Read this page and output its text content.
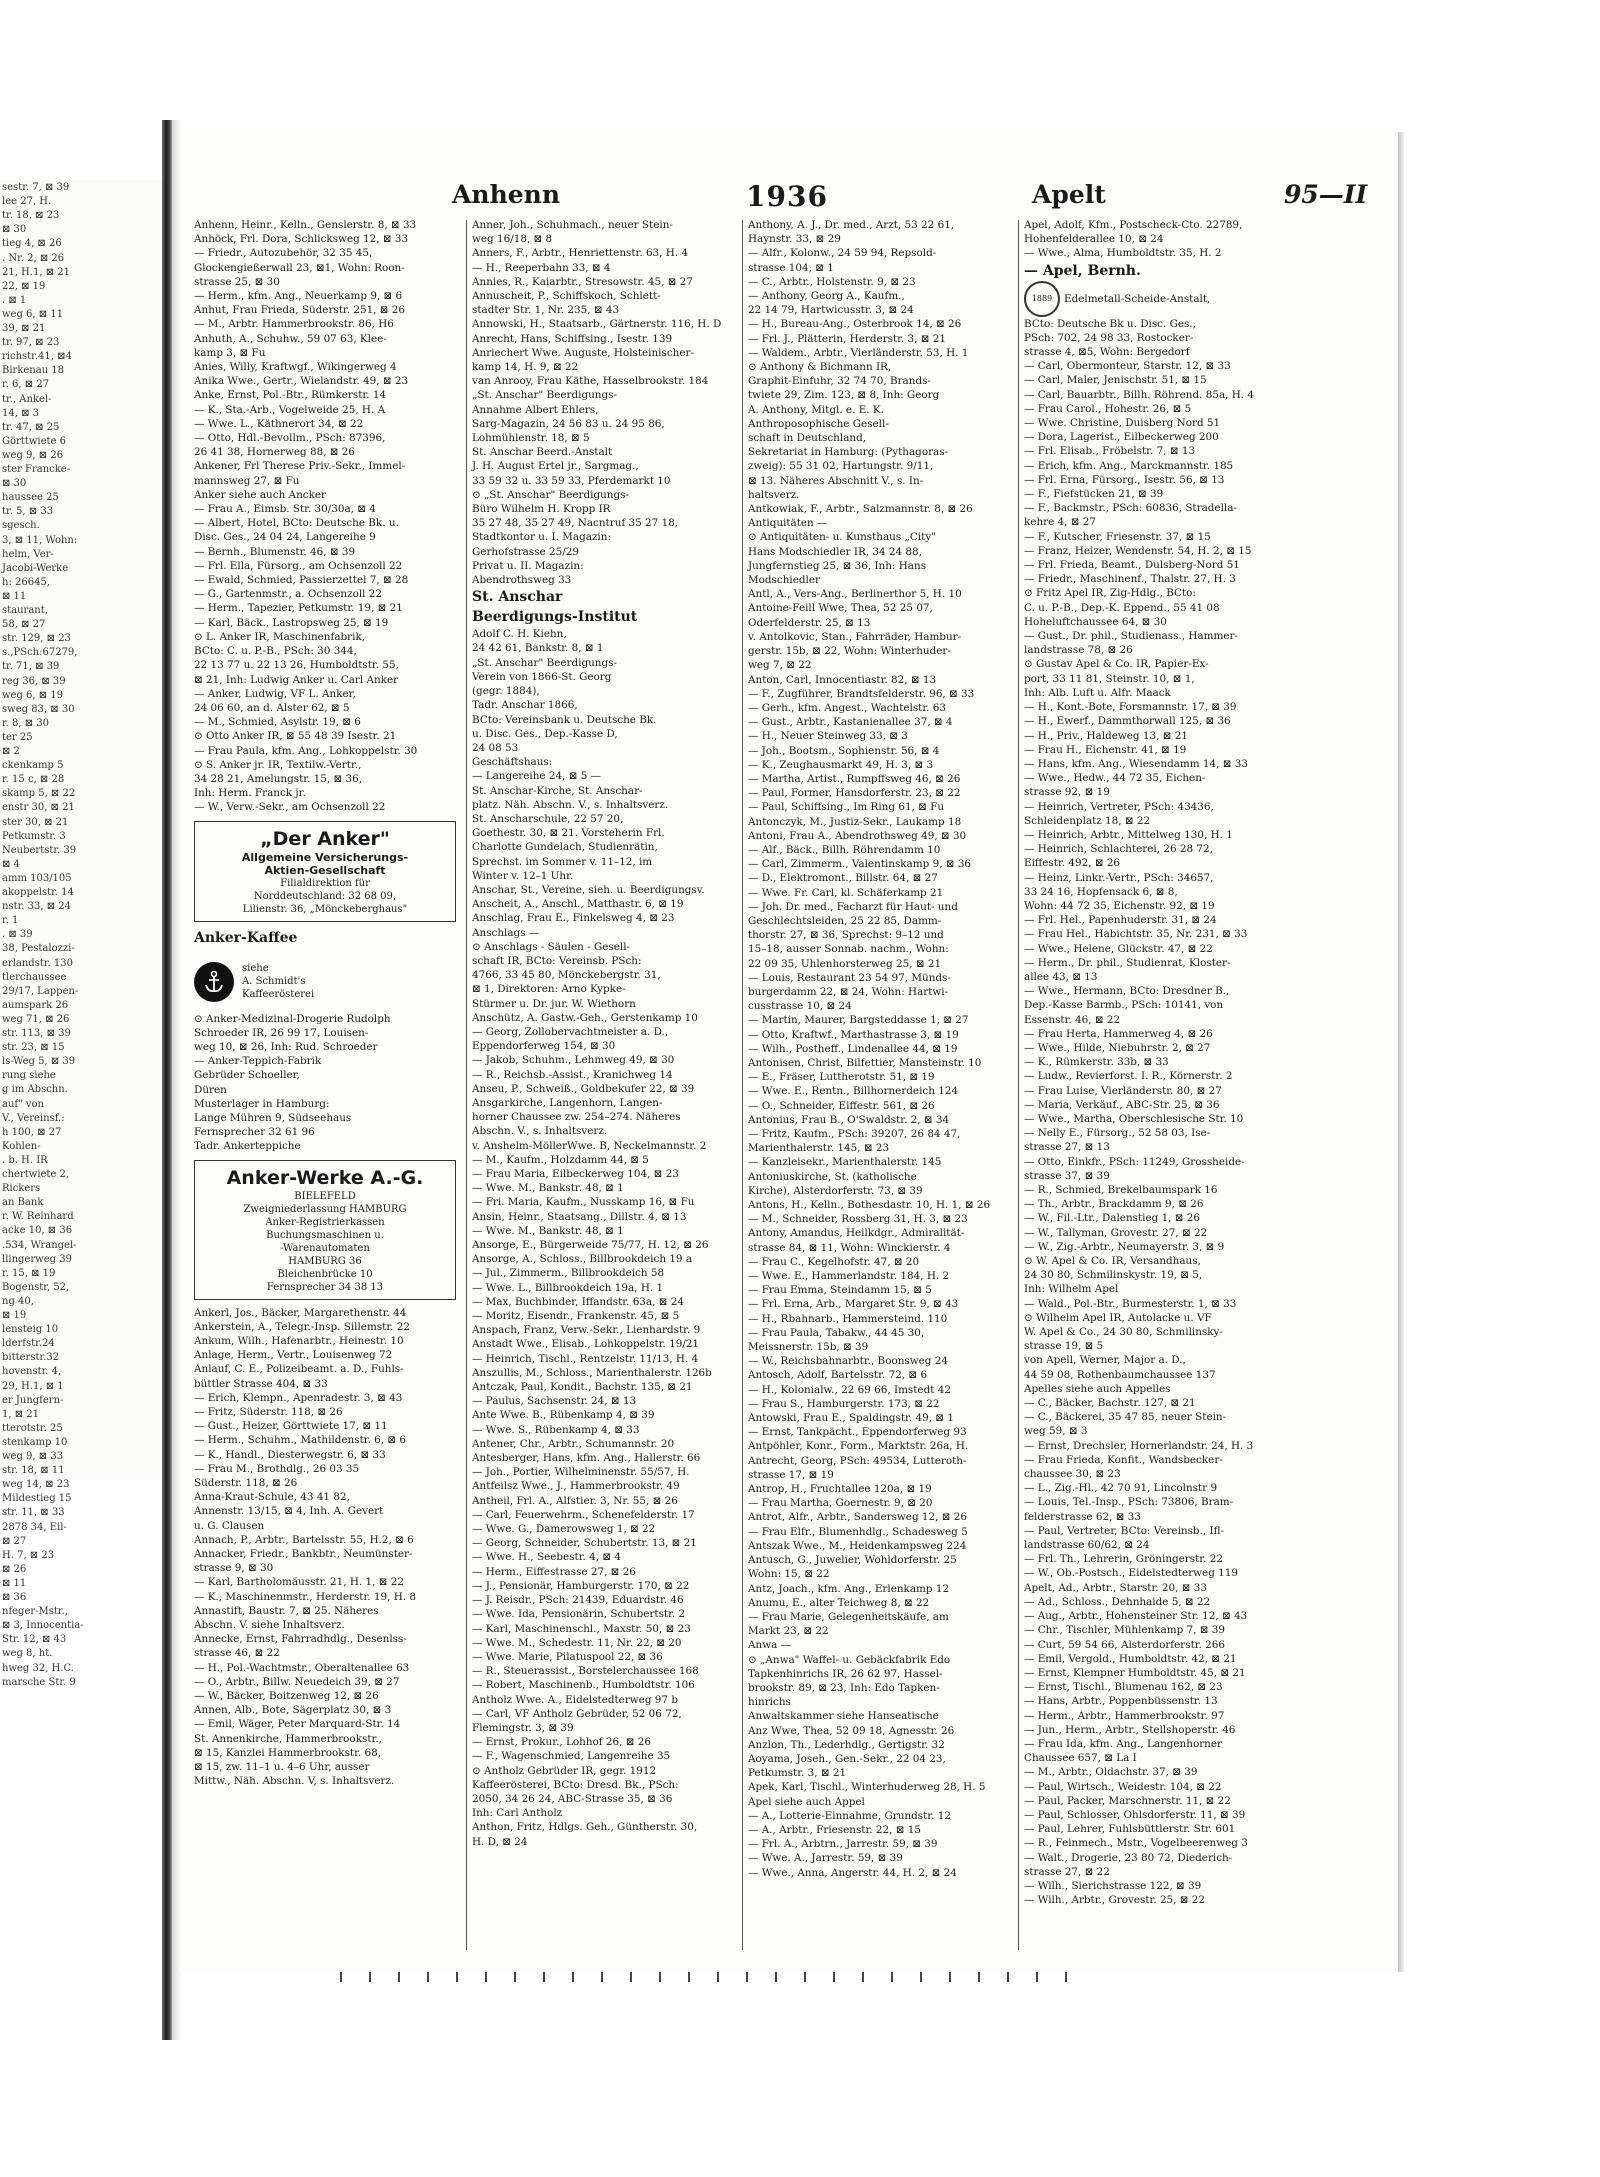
sestr. 7, ⊠ 39
lee 27, H.
tr. 18, ⊠ 23
⊠ 30
tieg 4, ⊠ 26
. Nr. 2, ⊠ 26
21, H.1, ⊠ 21
22, ⊠ 19
. ⊠ 1
weg 6, ⊠ 11
39, ⊠ 21
tr. 97, ⊠ 23
richstr.41, ⊠4
Birkenau 18
r. 6, ⊠ 27
tr., Ankel-
14, ⊠ 3
tr. 47, ⊠ 25
Görttwiete 6
weg 9, ⊠ 26
ster Francke-
⊠ 30
haussee 25
tr. 5, ⊠ 33
sgesch.
3, ⊠ 11, Wohn:
helm, Ver-
Jacobi-Werke
h: 26645,
⊠ 11
staurant,
58, ⊠ 27
str. 129, ⊠ 23
s.,PSch:67279,
tr. 71, ⊠ 39
reg 36, ⊠ 39
weg 6, ⊠ 19
sweg 83, ⊠ 30
r. 8, ⊠ 30
ter 25
⊠ 2
ckenkamp 5
r. 15 c, ⊠ 28
skamp 5, ⊠ 22
enstr 30, ⊠ 21
ster 30, ⊠ 21
Petkumstr. 3
Neubertstr. 39
⊠ 4
amm 103/105
akoppelstr. 14
nstr. 33, ⊠ 24
r. 1
. ⊠ 39
38, Pestalozzi-
erlandstr. 130
tlerchaussee
29/17, Lappen-
aumspark 26
weg 71, ⊠ 26
str. 113, ⊠ 39
str. 23, ⊠ 15
ls-Weg 5, ⊠ 39
rung siehe
g im Abschn.
auf" von
V., Vereinsf.:
h 100, ⊠ 27
Kohlen-
. b. H. IR
chertwiete 2,
Rickers
an Bank
r. W. Reinhard
acke 10, ⊠ 36
.534, Wrangel-
llingerweg 39
r. 15, ⊠ 19
Bogenstr, 52,
ng 40,
⊠ 19
lensteig 10
lderfstr.24
bitterstr.32
hovenstr. 4,
29, H.1, ⊠ 1
er Jungfern-
1, ⊠ 21
tterotstr. 25
stenkamp 10
weg 9, ⊠ 33
str. 18, ⊠ 11
weg 14, ⊠ 23
Mildestieg 15
str. 11, ⊠ 33
2878 34, Eil-
⊠ 27
H. 7, ⊠ 23
⊠ 26
⊠ 11
⊠ 36
nfeger-Mstr.,
⊠ 3, Innocentia-
Str. 12, ⊠ 43
weg 8, ht.
hweg 32, H.C.
marsche Str. 9
Anhenn	1936	Apelt	95—II
Anhenn, Heinr., Kelln., Genslerstr. 8, ⊠ 33
Anhöck, Frl. Dora, Schlicksweg 12, ⊠ 33
— Friedr., Autozubehör, 32 35 45,
Glockengießerwall 23, ⊠1, Wohn: Roon-
strasse 25, ⊠ 30
— Herm., kfm. Ang., Neuerkamp 9, ⊠ 6
Anhut, Frau Frieda, Süderstr. 251, ⊠ 26
— M., Arbtr. Hammerbrookstr. 86, H6
Anhuth, A., Schuhw., 59 07 63, Klee-
kamp 3, ⊠ Fu
Anies, Willy, Kraftwgf., Wikingerweg 4
Anika Wwe., Gertr., Wielandstr. 49, ⊠ 23
Anke, Ernst, Pol.-Btr., Rümkerstr. 14
— K., Sta.-Arb., Vogelweide 25, H. A
— Wwe. L., Käthnerort 34, ⊠ 22
— Otto, Hdl.-Bevollm., PSch: 87396,
26 41 38, Hornerweg 88, ⊠ 26
Ankener, Frl Therese Priv.-Sekr., Immel-
mannsweg 27, ⊠ Fu
Anker siehe auch Ancker
— Frau A., Eimsb. Str. 30/30a, ⊠ 4
— Albert, Hotel, BCto: Deutsche Bk. u.
Disc. Ges., 24 04 24, Langereihe 9
— Bernh., Blumenstr. 46, ⊠ 39
— Frl. Ella, Fürsorg., am Ochsenzoll 22
— Ewald, Schmied, Passierzettel 7, ⊠ 28
— G., Gartenmstr., a. Ochsenzoll 22
— Herm., Tapezier, Petkumstr. 19, ⊠ 21
— Karl, Bäck., Lastropsweg 25, ⊠ 19
⊙ L. Anker IR, Maschinenfabrik,
BCto: C. u. P.-B., PSch: 30 344,
22 13 77 u. 22 13 26, Humboldtstr. 55,
⊠ 21, Inh: Ludwig Anker u. Carl Anker
— Anker, Ludwig, VF L. Anker,
24 06 60, an d. Alster 62, ⊠ 5
— M., Schmied, Asylstr. 19, ⊠ 6
⊙ Otto Anker IR, ⊠ 55 48 39 Isestr. 21
— Frau Paula, kfm. Ang., Lohkoppelstr. 30
⊙ S. Anker jr. IR, Textilw.-Vertr.,
34 28 21, Amelungstr. 15, ⊠ 36,
Inh: Herm. Franck jr.
— W., Verw.-Sekr., am Ochsenzoll 22
„Der Anker"
Allgemeine Versicherungs-
Aktien-Gesellschaft
Filialdirektion für
Norddeutschland: 32 68 09,
Lilienstr. 36, „Mönckeberghaus"
Anker-Kaffee
siehe
A. Schmidt's
Kaffeerösterei
⊙ Anker-Medizinal-Drogerie Rudolph
Schroeder IR, 26 99 17, Louisen-
weg 10, ⊠ 26, Inh: Rud. Schroeder
— Anker-Teppich-Fabrik
Gebrüder Schoeller,
Düren
Musterlager in Hamburg:
Lange Mühren 9, Südseehaus
Fernsprecher 32 61 96
Tadr. Ankerteppiche
Anker-Werke A.-G.
BIELEFELD
Zweigniederlassung HAMBURG
Anker-Registrierkassen
Buchungsmaschinen u.
-Warenautomaten
HAMBURG 36
Bleichenbrücke 10
Fernsprecher 34 38 13
Ankerl, Jos., Bäcker, Margarethenstr. 44
Ankerstein, A., Telegr.-Insp. Sillemstr. 22
Ankum, Wilh., Hafenarbtr., Heinestr. 10
Anlage, Herm., Vertr., Louisenweg 72
Anlauf, C. E., Polizeibeamt. a. D., Fuhls-
büttler Strasse 404, ⊠ 33
— Erich, Klempn., Apenradestr. 3, ⊠ 43
— Fritz, Süderstr. 118, ⊠ 26
— Gust., Heizer, Görttwiete 17, ⊠ 11
— Herm., Schuhm., Mathildenstr. 6, ⊠ 6
— K., Handl., Diesterwegstr. 6, ⊠ 33
— Frau M., Brothdlg., 26 03 35
Süderstr. 118, ⊠ 26
Anna-Kraut-Schule, 43 41 82,
Annenstr. 13/15, ⊠ 4, Inh. A. Gevert
u. G. Clausen
Annach, P., Arbtr., Bartelsstr. 55, H.2, ⊠ 6
Annacker, Friedr., Bankbtr., Neumünster-
strasse 9, ⊠ 30
— Karl, Bartholomäusstr. 21, H. 1, ⊠ 22
— K., Maschinenmstr., Herderstr. 19, H. 8
Annastift, Baustr. 7, ⊠ 25. Näheres
Abschn. V. siehe Inhaltsverz.
Annecke, Ernst, Fahrradhdlg., Desenlss-
strasse 46, ⊠ 22
— H., Pol.-Wachtmstr., Oberaltenallee 63
— O., Arbtr., Billw. Neuedeich 39, ⊠ 27
— W., Bäcker, Boitzenweg 12, ⊠ 26
Annen, Alb., Bote, Sägerplatz 30, ⊠ 3
— Emil, Wäger, Peter Marquard-Str. 14
St. Annenkirche, Hammerbrookstr.,
⊠ 15, Kanzlei Hammerbrookstr. 68,
⊠ 15, zw. 11–1 u. 4–6 Uhr, ausser
Mittw., Näh. Abschn. V, s. Inhaltsverz.
Anner, Joh., Schuhmach., neuer Stein-
weg 16/18, ⊠ 8
Anners, F., Arbtr., Henriettenstr. 63, H. 4
— H., Reeperbahn 33, ⊠ 4
Annies, R., Kaiarbtr., Stresowstr. 45, ⊠ 27
Annuscheit, P., Schiffskoch, Schlett-
stadter Str. 1, Nr. 235, ⊠ 43
Annowski, H., Staatsarb., Gärtnerstr. 116, H. D
Anrecht, Hans, Schiffsing., Isestr. 139
Anriechert Wwe. Auguste, Holsteinischer-
kamp 14, H. 9, ⊠ 22
van Anrooy, Frau Käthe, Hasselbrookstr. 184
„St. Anschar" Beerdigungs-
Annahme Albert Ehlers,
Sarg-Magazin, 24 56 83 u. 24 95 86,
Lohmühlenstr. 18, ⊠ 5
St. Anschar Beerd.-Anstalt
J. H. August Ertel jr., Sargmag.,
33 59 32 u. 33 59 33, Pferdemarkt 10
⊙ „St. Anschar" Beerdigungs-
Büro Wilhelm H. Kropp IR
35 27 48, 35 27 49, Nacntruf 35 27 18,
Stadtkontor u. I. Magazin:
Gerhofstrasse 25/29
Privat u. II. Magazin:
Abendrothsweg 33
St. Anschar
Beerdigungs-Institut
Adolf C. H. Kiehn,
24 42 61, Bankstr. 8, ⊠ 1
„St. Anschar" Beerdigungs-
Verein von 1866-St. Georg
(gegr. 1884),
Tadr. Anschar 1866,
BCto: Vereinsbank u. Deutsche Bk.
u. Disc. Ges., Dep.-Kasse D,
24 08 53
Geschäftshaus:
— Langereihe 24, ⊠ 5 —
St. Anschar-Kirche, St. Anschar-
platz. Näh. Abschn. V., s. Inhaltsverz.
St. Anscharschule, 22 57 20,
Goethestr. 30, ⊠ 21. Vorsteherin Frl.
Charlotte Gundelach, Studienrätin,
Sprechst. im Sommer v. 11–12, im
Winter v. 12–1 Uhr.
Anschar, St., Vereine, sieh. u. Beerdigungsv.
Anscheit, A., Anschl., Matthastr. 6, ⊠ 19
Anschlag, Frau E., Finkelsweg 4, ⊠ 23
Anschlags —
⊙ Anschlags - Säulen - Gesell-
schaft IR, BCto: Vereinsb. PSch:
4766, 33 45 80, Mönckebergstr. 31,
⊠ 1, Direktoren: Arno Kypke-
Stürmer u. Dr. jur. W. Wiethorn
Anschütz, A. Gastw.-Geh., Gerstenkamp 10
— Georg, Zollobervachtmeister a. D.,
Eppendorferweg 154, ⊠ 30
— Jakob, Schuhm., Lehmweg 49, ⊠ 30
— R., Reichsb.-Assist., Kranichweg 14
Anseu, P., Schweiß., Goldbekufer 22, ⊠ 39
Ansgarkirche, Langenhorn, Langen-
horner Chaussee zw. 254–274. Näheres
Abschn. V., s. Inhaltsverz.
v. Anshelm-MöllerWwe. B, Neckelmannstr. 2
— M., Kaufm., Holzdamm 44, ⊠ 5
— Frau Maria, Eilbeckerweg 104, ⊠ 23
— Wwe. M., Bankstr. 48, ⊠ 1
— Fri. Maria, Kaufm., Nusskamp 16, ⊠ Fu
Ansin, Heinr., Staatsang., Dillstr. 4, ⊠ 13
— Wwe. M., Bankstr. 48, ⊠ 1
Ansorge, E., Bürgerweide 75/77, H. 12, ⊠ 26
Ansorge, A., Schloss., Billbrookdeich 19 a
— Jul., Zimmerm., Billbrookdeich 58
— Wwe. L., Billbrookdeich 19a, H. 1
— Max, Buchbinder, Iffandstr. 63a, ⊠ 24
— Moritz, Eisendr., Frankenstr. 45, ⊠ 5
Anspach, Franz, Verw.-Sekr., Lienhardstr. 9
Anstadt Wwe., Elisab., Lohkoppelstr. 19/21
— Heinrich, Tischl., Rentzelstr. 11/13, H. 4
Anszullis, M., Schloss., Marienthalerstr. 126b
Antczak, Paul, Kondit., Bachstr. 135, ⊠ 21
— Paulus, Sachsenstr. 24, ⊠ 13
Ante Wwe. B., Rübenkamp 4, ⊠ 39
— Wwe. S., Rübenkamp 4, ⊠ 33
Antener, Chr., Arbtr., Schumannstr. 20
Antesberger, Hans, kfm. Ang., Hallerstr. 66
— Joh., Portier, Wilhelminenstr. 55/57, H.
Antfeilsz Wwe., J., Hammerbrookstr. 49
Antheil, Frl. A., Alfstier. 3, Nr. 55, ⊠ 26
— Carl, Feuerwehrm., Schenefelderstr. 17
— Wwe. G., Damerowsweg 1, ⊠ 22
— Georg, Schneider, Schubertstr. 13, ⊠ 21
— Wwe. H., Seebestr. 4, ⊠ 4
— Herm., Eiffestrasse 27, ⊠ 26
— J., Pensionär, Hamburgerstr. 170, ⊠ 22
— J. Reisdr., PSch: 21439, Eduardstr. 46
— Wwe. Ida, Pensionärin, Schubertstr. 2
— Karl, Maschinenschl., Maxstr. 50, ⊠ 23
— Wwe. M., Schedestr. 11, Nr. 22, ⊠ 20
— Wwe. Marie, Pilatuspool 22, ⊠ 36
— R., Steuerassist., Borstelerchaussee 168
— Robert, Maschinenb., Humboldtstr. 106
Antholz Wwe. A., Eidelstedterweg 97 b
— Carl, VF Antholz Gebrüder, 52 06 72,
Flemingstr. 3, ⊠ 39
— Ernst, Prokur., Lohhof 26, ⊠ 26
— F., Wagenschmied, Langenreihe 35
⊙ Antholz Gebrüder IR, gegr. 1912
Kaffeerösterei, BCto: Dresd. Bk., PSch:
2050, 34 26 24, ABC-Strasse 35, ⊠ 36
Inh: Carl Antholz
Anthon, Fritz, Hdlgs. Geh., Güntherstr. 30,
H. D, ⊠ 24
Anthony, A. J., Dr. med., Arzt, 53 22 61,
Haynstr. 33, ⊠ 29
— Alfr., Kolonw., 24 59 94, Repsold-
strasse 104, ⊠ 1
— C., Arbtr., Holstenstr. 9, ⊠ 23
— Anthony, Georg A., Kaufm.,
22 14 79, Hartwicusstr. 3, ⊠ 24
— H., Bureau-Ang., Osterbrook 14, ⊠ 26
— Frl. J., Plätterin, Herderstr. 3, ⊠ 21
— Waldem., Arbtr., Vierländerstr. 53, H. 1
⊙ Anthony & Bichmann IR,
Graphit-Einfuhr, 32 74 70, Brands-
twiete 29, Zim. 123, ⊠ 8, Inh: Georg
A. Anthony, Mitgl. e. E. K.
Anthroposophische Gesell-
schaft in Deutschland,
Sekretariat in Hamburg: (Pythagoras-
zweig): 55 31 02, Hartungstr. 9/11,
⊠ 13. Näheres Abschnitt V., s. In-
haltsverz.
Antkowiak, F., Arbtr., Salzmannstr. 8, ⊠ 26
Antiquitäten —
⊙ Antiquitäten- u. Kunsthaus „City"
Hans Modschiedler IR, 34 24 88,
Jungfernstieg 25, ⊠ 36, Inh: Hans
Modschiedler
Antl, A., Vers-Ang., Berlinerthor 5, H. 10
Antoine-Feill Wwe, Thea, 52 25 07,
Oderfelderstr. 25, ⊠ 13
v. Antolkovic, Stan., Fahrräder, Hambur-
gerstr. 15b, ⊠ 22, Wohn: Winterhuder-
weg 7, ⊠ 22
Anton, Carl, Innocentiastr. 82, ⊠ 13
— F., Zugführer, Brandtsfelderstr. 96, ⊠ 33
— Gerh., kfm. Angest., Wachtelstr. 63
— Gust., Arbtr., Kastanienallee 37, ⊠ 4
— H., Neuer Steinweg 33, ⊠ 3
— Joh., Bootsm., Sophienstr. 56, ⊠ 4
— K., Zeughausmarkt 49, H. 3, ⊠ 3
— Martha, Artist., Rumpffsweg 46, ⊠ 26
— Paul, Former, Hansdorferstr. 23, ⊠ 22
— Paul, Schiffsing., Im Ring 61, ⊠ Fu
Antonczyk, M., Justiz-Sekr., Laukamp 18
Antoni, Frau A., Abendrothsweg 49, ⊠ 30
— Alf., Bäck., Billh. Röhrendamm 10
— Carl, Zimmerm., Valentinskamp 9, ⊠ 36
— D., Elektromont., Billstr. 64, ⊠ 27
— Wwe. Fr. Carl, kl. Schäferkamp 21
— Joh. Dr. med., Facharzt für Haut- und
Geschlechtsleiden, 25 22 85, Damm-
thorstr. 27, ⊠ 36, Sprechst: 9–12 und
15–18, ausser Sonnab. nachm., Wohn:
22 09 35, Uhlenhorsterweg 25, ⊠ 21
— Louis, Restaurant 23 54 97, Münds-
burgerdamm 22, ⊠ 24, Wohn: Hartwi-
cusstrasse 10, ⊠ 24
— Martin, Maurer, Bargsteddasse 1, ⊠ 27
— Otto, Kraftwf., Marthastrasse 3, ⊠ 19
— Wilh., Postheff., Lindenallee 44, ⊠ 19
Antonisen, Christ, Bilfettier, Mansteinstr. 10
— E., Fräser, Luttherotstr. 51, ⊠ 19
— Wwe. E., Rentn., Billhornerdeich 124
— O., Schneider, Eiffestr. 561, ⊠ 26
Antonius, Frau B., O'Swaldstr. 2, ⊠ 34
— Fritz, Kaufm., PSch: 39207, 26 84 47,
Marienthalerstr. 145, ⊠ 23
— Kanzleisekr., Marienthalerstr. 145
Antoniuskirche, St. (katholische
Kirche), Alsterdorferstr. 73, ⊠ 39
Antons, H., Kelln., Bothesdastr. 10, H. 1, ⊠ 26
— M., Schneider, Rossberg 31, H. 3, ⊠ 23
Antony, Amandus, Heilkdgr., Admiralität-
strasse 84, ⊠ 11, Wohn: Winckierstr. 4
— Frau C., Kegelhofstr. 47, ⊠ 20
— Wwe. E., Hammerlandstr. 184, H. 2
— Frau Emma, Steindamm 15, ⊠ 5
— Frl. Erna, Arb., Margaret Str. 9, ⊠ 43
— H., Rbahnarb., Hammersteind. 110
— Frau Paula, Tabakw., 44 45 30,
Meissnerstr. 15b, ⊠ 39
— W., Reichsbahnarbtr., Boonsweg 24
Antosch, Adolf, Bartelsstr. 72, ⊠ 6
— H., Kolonialw., 22 69 66, Imstedt 42
— Frau S., Hamburgerstr. 173, ⊠ 22
Antowski, Frau E., Spaldingstr. 49, ⊠ 1
— Ernst, Tankpächt., Eppendorferweg 93
Antpöhler, Konr., Form., Marktstr. 26a, H.
Antrecht, Georg, PSch: 49534, Lutteroth-
strasse 17, ⊠ 19
Antrop, H., Fruchtallee 120a, ⊠ 19
— Frau Martha, Goernestr. 9, ⊠ 20
Antrot, Alfr., Arbtr., Sandersweg 12, ⊠ 26
— Frau Elfr., Blumenhdlg., Schadesweg 5
Antszak Wwe., M., Heidenkampsweg 224
Antusch, G., Juwelier, Wohldorferstr. 25
Wohn: 15, ⊠ 22
Antz, Joach., kfm. Ang., Erlenkamp 12
Anumu, E., alter Teichweg 8, ⊠ 22
— Frau Marie, Gelegenheitskäufe, am
Markt 23, ⊠ 22
Anwa —
⊙ „Anwa" Waffel- u. Gebäckfabrik Edo
Tapkenhinrichs IR, 26 62 97, Hassel-
brookstr. 89, ⊠ 23, Inh: Edo Tapken-
hinrichs
Anwaltskammer siehe Hanseatische
Anz Wwe, Thea, 52 09 18, Agnesstr. 26
Anzlon, Th., Lederhdlg., Gertigstr. 32
Aoyama, Joseh., Gen.-Sekr., 22 04 23,
Petkumstr. 3, ⊠ 21
Apek, Karl, Tischl., Winterhuderweg 28, H. 5
Apel siehe auch Appel
— A., Lotterie-Einnahme, Grundstr. 12
— A., Arbtr., Friesenstr. 22, ⊠ 15
— Frl. A., Arbtrn., Jarrestr. 59, ⊠ 39
— Wwe. A., Jarrestr. 59, ⊠ 39
— Wwe., Anna, Angerstr. 44, H. 2, ⊠ 24
Apel, Adolf, Kfm., Postscheck-Cto. 22789,
Hohenfelderallee 10, ⊠ 24
— Wwe., Alma, Humboldtstr. 35, H. 2
— Apel, Bernh.
1889 Edelmetall-Scheide-Anstalt,
BCto: Deutsche Bk u. Disc. Ges.,
PSch: 702, 24 98 33, Rostocker-
strasse 4, ⊠5, Wohn: Bergedorf
— Carl, Obermonteur, Starstr. 12, ⊠ 33
— Carl, Maler, Jenischstr. 51, ⊠ 15
— Carl, Bauarbtr., Billh. Röhrend. 85a, H. 4
— Frau Carol., Hohestr. 26, ⊠ 5
— Wwe. Christine, Duisberg Nord 51
— Dora, Lagerist., Eilbeckerweg 200
— Frl. Elisab., Fröbelstr. 7, ⊠ 13
— Erich, kfm. Ang., Marckmannstr. 185
— Frl. Erna, Fürsorg., Isestr. 56, ⊠ 13
— F., Fiefstücken 21, ⊠ 39
— F., Backmstr., PSch: 60836, Stradella-
kehre 4, ⊠ 27
— F., Kutscher, Friesenstr. 37, ⊠ 15
— Franz, Heizer, Wendenstr. 54, H. 2, ⊠ 15
— Frl. Frieda, Beamt., Dulsberg-Nord 51
— Friedr., Maschinenf., Thalstr. 27, H. 3
⊙ Fritz Apel IR, Zig-Hdlg., BCto:
C. u. P.-B., Dep.-K. Eppend., 55 41 08
Hoheluftchaussee 64, ⊠ 30
— Gust., Dr. phil., Studienass., Hammer-
landstrasse 78, ⊠ 26
⊙ Gustav Apel & Co. IR, Papier-Ex-
port, 33 11 81, Steinstr. 10, ⊠ 1,
Inh: Alb. Luft u. Alfr. Maack
— H., Kont.-Bote, Forsmannstr. 17, ⊠ 39
— H., Ewerf., Dammthorwall 125, ⊠ 36
— H., Priv., Haldeweg 13, ⊠ 21
— Frau H., Eichenstr. 41, ⊠ 19
— Hans, kfm. Ang., Wiesendamm 14, ⊠ 33
— Wwe., Hedw., 44 72 35, Eichen-
strasse 92, ⊠ 19
— Heinrich, Vertreter, PSch: 43436,
Schleidenplatz 18, ⊠ 22
— Heinrich, Arbtr., Mittelweg 130, H. 1
— Heinrich, Schlachterei, 26 28 72,
Eiffestr. 492, ⊠ 26
— Heinz, Linkr.-Vertr., PSch: 34657,
33 24 16, Hopfensack 6, ⊠ 8,
Wohn: 44 72 35, Eichenstr. 92, ⊠ 19
— Frl. Hel., Papenhuderstr. 31, ⊠ 24
— Frau Hel., Habichtstr. 35, Nr. 231, ⊠ 33
— Wwe., Helene, Glückstr. 47, ⊠ 22
— Herm., Dr. phil., Studienrat, Kloster-
allee 43, ⊠ 13
— Wwe., Hermann, BCto: Dresdner B.,
Dep.-Kasse Barmb., PSch: 10141, von
Essenstr. 46, ⊠ 22
— Frau Herta, Hammerweg 4, ⊠ 26
— Wwe., Hilde, Niebuhrstr. 2, ⊠ 27
— K., Rümkerstr. 33b, ⊠ 33
— Ludw., Revierforst. I. R., Körnerstr. 2
— Frau Luise, Vierländerstr. 80, ⊠ 27
— Maria, Verkäuf., ABC-Str. 25, ⊠ 36
— Wwe., Martha, Oberschlesische Str. 10
— Nelly E., Fürsorg., 52 58 03, Ise-
strasse 27, ⊠ 13
— Otto, Einkfr., PSch: 11249, Grossheide-
strasse 37, ⊠ 39
— R., Schmied, Brekelbaumspark 16
— Th., Arbtr., Brackdamm 9, ⊠ 26
— W., Fil.-Ltr., Dalenstieg 1, ⊠ 26
— W., Tallyman, Grovestr. 27, ⊠ 22
— W., Zig.-Arbtr., Neumayerstr. 3, ⊠ 9
⊙ W. Apel & Co. IR, Versandhaus,
24 30 80, Schmilinskystr. 19, ⊠ 5,
Inh: Wilhelm Apel
— Wald., Pol.-Btr., Burmesterstr. 1, ⊠ 33
⊙ Wilhelm Apel IR, Autolacke u. VF
W. Apel & Co., 24 30 80, Schmilinsky-
strasse 19, ⊠ 5
von Apell, Werner, Major a. D.,
44 59 08, Rothenbaumchaussee 137
Apelles siehe auch Appelles
— C., Bäcker, Bachstr. 127, ⊠ 21
— C., Bäckerei, 35 47 85, neuer Stein-
weg 59, ⊠ 3
— Ernst, Drechsler, Hornerlandstr. 24, H. 3
— Frau Frieda, Konfit., Wandsbecker-
chaussee 30, ⊠ 23
— L., Zig.-Hl., 42 70 91, Lincolnstr 9
— Louis, Tel.-Insp., PSch: 73806, Bram-
felderstrasse 62, ⊠ 33
— Paul, Vertreter, BCto: Vereinsb., Ifl-
landstrasse 60/62, ⊠ 24
— Frl. Th., Lehrerin, Gröningerstr. 22
— W., Ob.-Postsch., Eidelstedterweg 119
Apelt, Ad., Arbtr., Starstr. 20, ⊠ 33
— Ad., Schloss., Dehnhaide 5, ⊠ 22
— Aug., Arbtr., Hohensteiner Str. 12, ⊠ 43
— Chr., Tischler, Mühlenkamp 7, ⊠ 39
— Curt, 59 54 66, Alsterdorferstr. 266
— Emil, Vergold., Humboldtstr. 42, ⊠ 21
— Ernst, Klempner Humboldtstr. 45, ⊠ 21
— Ernst, Tischl., Blumenau 162, ⊠ 23
— Hans, Arbtr., Poppenbüssenstr. 13
— Herm., Arbtr., Hammerbrookstr. 97
— Jun., Herm., Arbtr., Stellshoperstr. 46
— Frau Ida, kfm. Ang., Langenhorner
Chaussee 657, ⊠ La I
— M., Arbtr., Oldachstr. 37, ⊠ 39
— Paul, Wirtsch., Weidestr. 104, ⊠ 22
— Paul, Packer, Marschnerstr. 11, ⊠ 22
— Paul, Schlosser, Ohlsdorferstr. 11, ⊠ 39
— Paul, Lehrer, Fuhlsbüttlerstr. Str. 601
— R., Feinmech., Mstr., Vogelbeerenweg 3
— Walt., Drogerie, 23 80 72, Diederich-
strasse 27, ⊠ 22
— Wilh., Sierichstrasse 122, ⊠ 39
— Wilh., Arbtr., Grovestr. 25, ⊠ 22
